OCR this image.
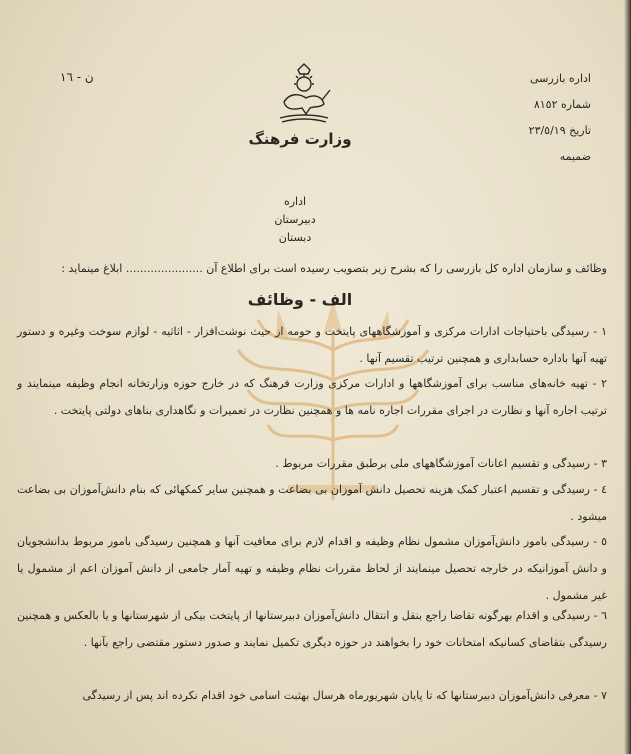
ن - ١٦	اداره بازرسی
شماره ٨١٥٢
تاریخ ٢٣/٥/١٩
ضمیمه
وزارت فرهنگ
اداره
دبیرستان
دبستان
وظائف و سازمان اداره کل بازرسی را که بشرح زیر بتصویب رسیده است برای اطلاع آن ...................... ابلاغ مینماید :
الف - وظائف
١ - رسیدگی باحتیاجات ادارات مرکزی و آموزشگاههای پایتخت و حومه از حیث نوشت‌افزار - اثاثیه - لوازم سوخت وغیره و دستور تهیه آنها باداره حسابداری و همچنین ترتیب تقسیم آنها .
٢ - تهیه خانه‌های مناسب برای آموزشگاهها و ادارات مرکزی وزارت فرهنگ که در خارج حوزه وزارتخانه انجام وظیفه مینمایند و ترتیب اجاره آنها و نظارت در اجرای مقررات اجاره نامه ها و همچنین نظارت در تعمیرات و نگاهداری بناهای دولتی پایتخت .
٣ - رسیدگی و تقسیم اعانات آموزشگاههای ملی برطبق مقررات مربوط .
٤ - رسیدگی و تقسیم اعتبار کمک هزینه تحصیل دانش آموزان بی بضاعت و همچنین سایر کمکهائی که بنام دانش‌آموزان بی بضاعت میشود .
٥ - رسیدگی بامور دانش‌آموزان مشمول نظام وظیفه و اقدام لازم برای معافیت آنها و همچنین رسیدگی بامور مربوط بدانشجویان و دانش آموزانیکه در خارجه تحصیل مینمایند از لحاظ مقررات نظام وظیفه و تهیه آمار جامعی از دانش آموزان اعم از مشمول یا غیر مشمول .
٦ - رسیدگی و اقدام بهرگونه تقاضا راجع بنقل و انتقال دانش‌آموزان دبیرستانها از پایتخت بیکی از شهرستانها و یا بالعکس و همچنین رسیدگی بتقاضای کسانیکه امتحانات خود را بخواهند در حوزه دیگری تکمیل نمایند و صدور دستور مقتضی راجع بآنها .
٧ - معرفی دانش‌آموزان دبیرستانها که تا پایان شهریورماه هرسال بهثبت اسامی خود اقدام نکرده اند پس از رسیدگی
